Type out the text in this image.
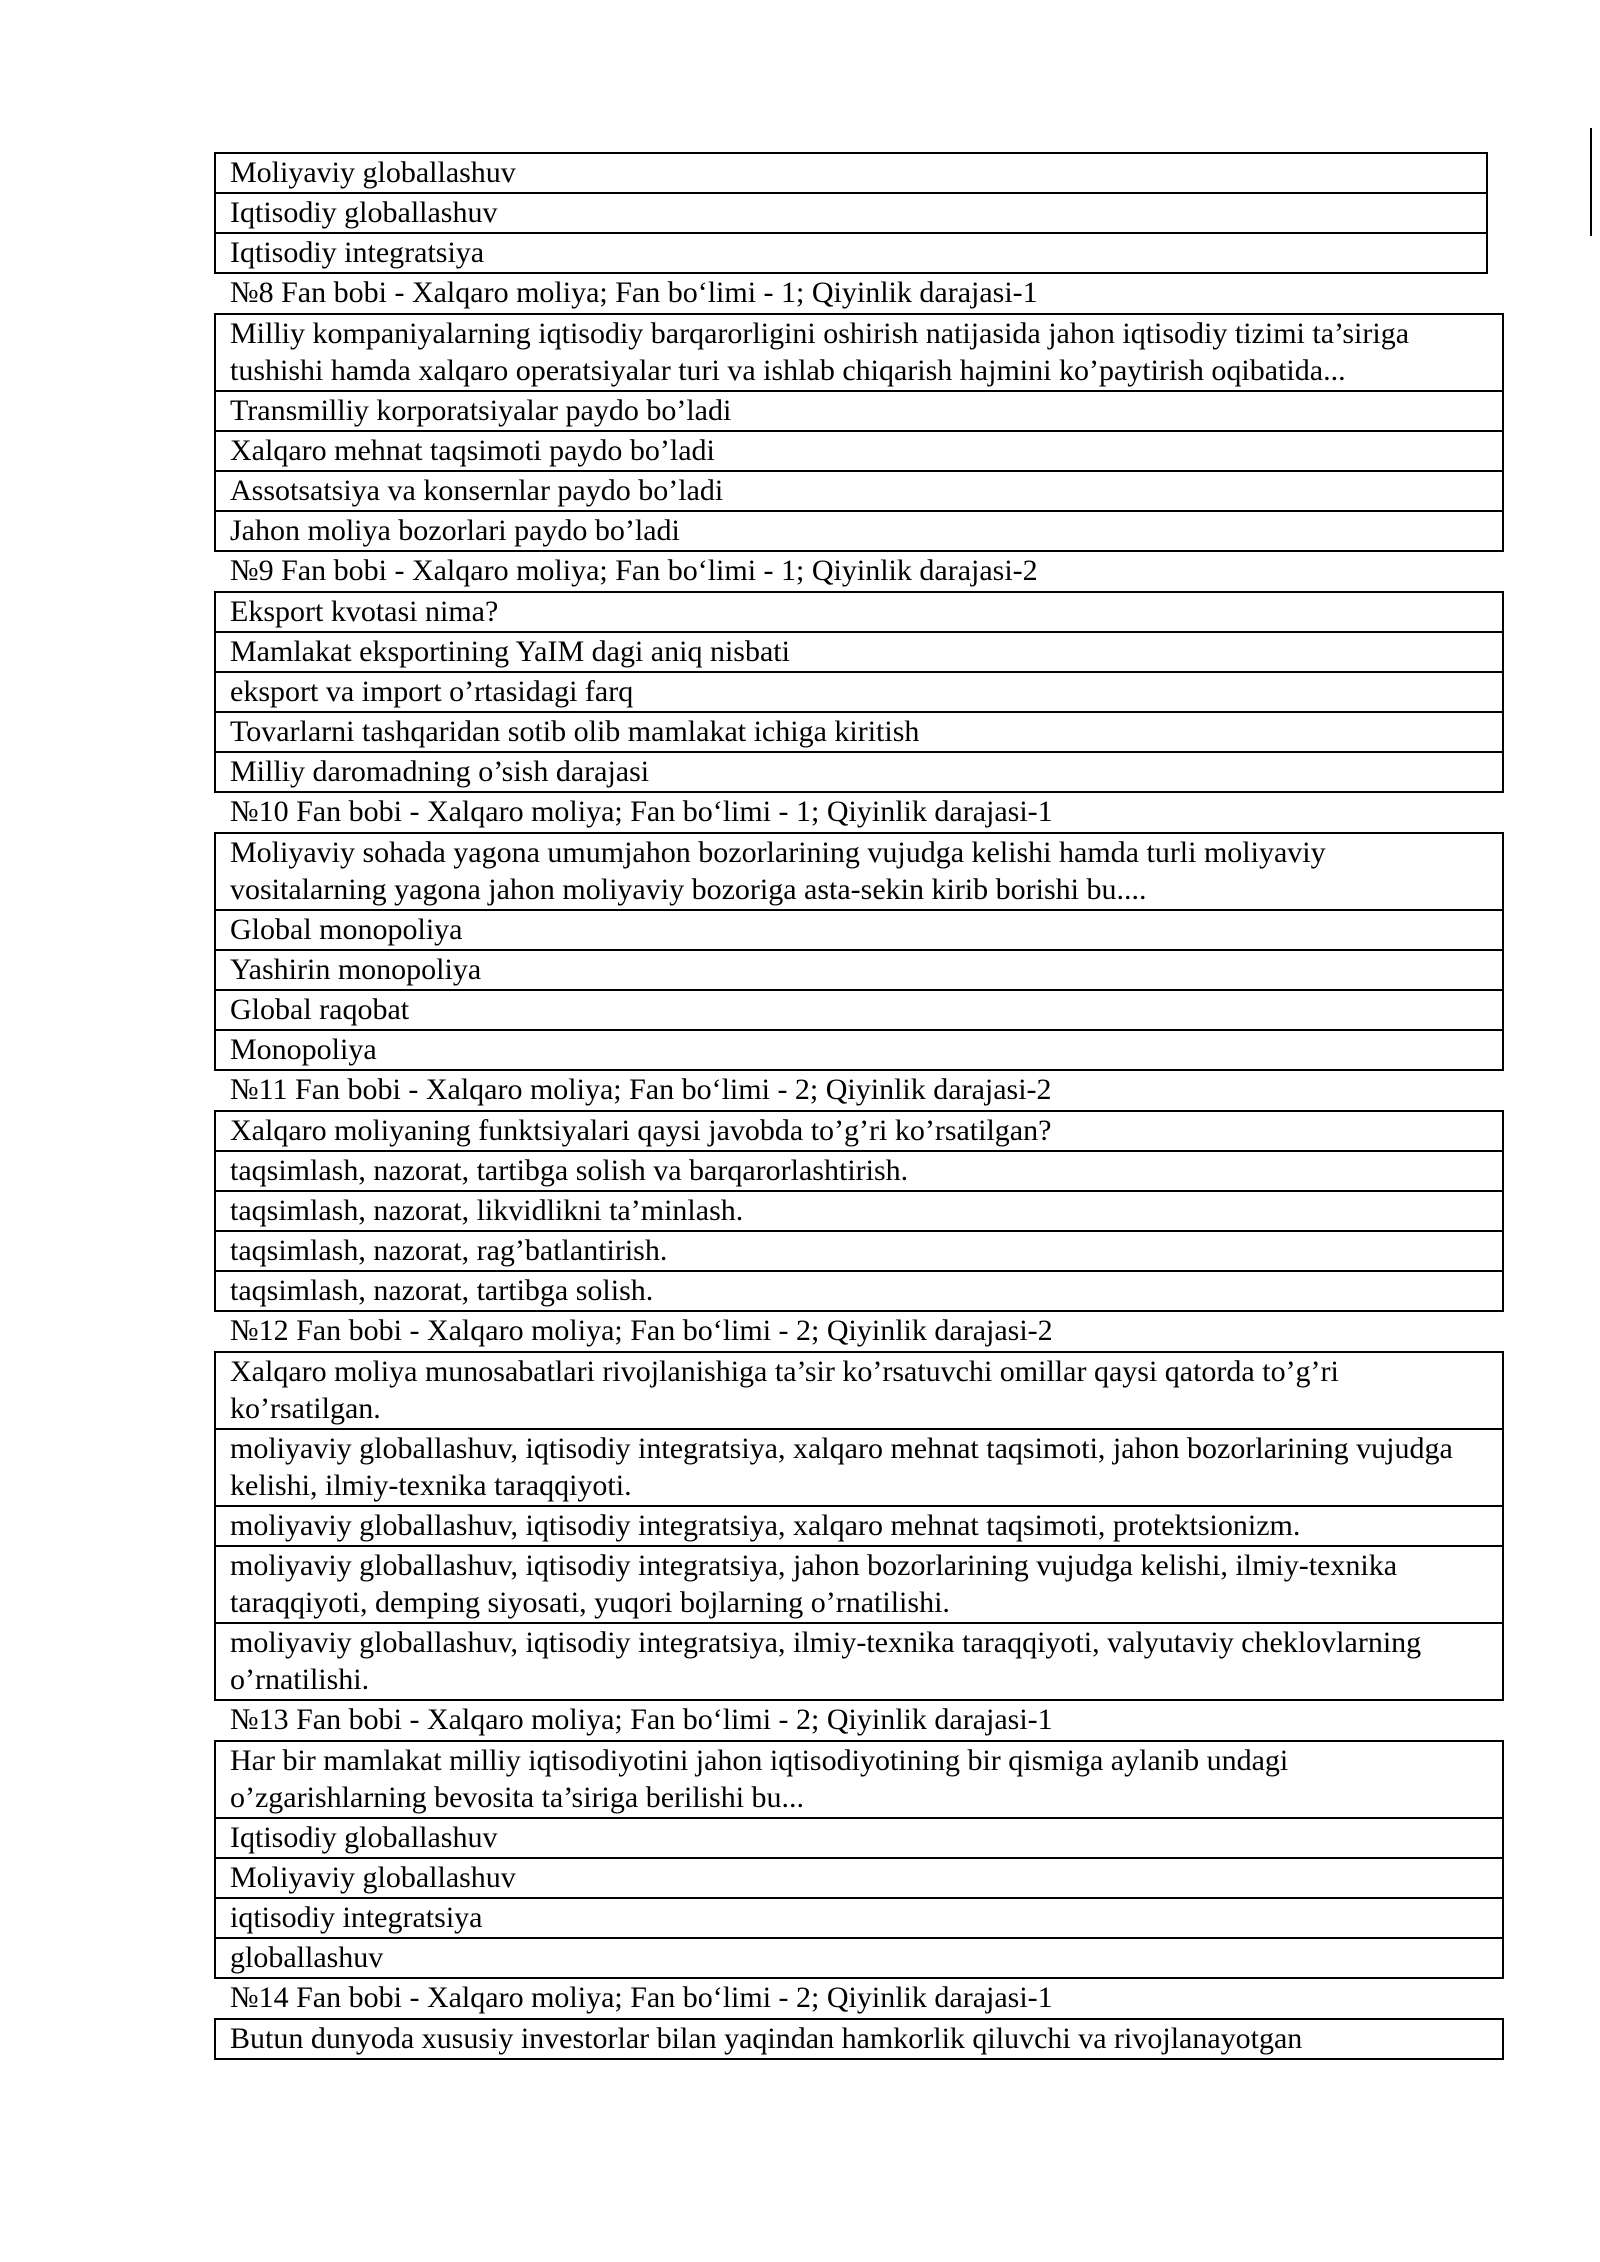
Moliyaviy globallashuv
Iqtisodiy globallashuv
Iqtisodiy integratsiya
№8 Fan bobi - Xalqaro moliya; Fan bo‘limi - 1; Qiyinlik darajasi-1
Milliy kompaniyalarning iqtisodiy barqarorligini oshirish natijasida jahon iqtisodiy tizimi ta’siriga tushishi hamda xalqaro operatsiyalar turi va ishlab chiqarish hajmini ko’paytirish oqibatida...
Transmilliy korporatsiyalar paydo bo’ladi
Xalqaro mehnat taqsimoti paydo bo’ladi
Assotsatsiya va konsernlar paydo bo’ladi
Jahon moliya bozorlari paydo bo’ladi
№9 Fan bobi - Xalqaro moliya; Fan bo‘limi - 1; Qiyinlik darajasi-2
Eksport kvotasi nima?
Mamlakat eksportining YaIM dagi aniq nisbati
eksport va import o’rtasidagi farq
Tovarlarni tashqaridan sotib olib mamlakat ichiga kiritish
Milliy daromadning o’sish darajasi
№10 Fan bobi - Xalqaro moliya; Fan bo‘limi - 1; Qiyinlik darajasi-1
Moliyaviy sohada yagona umumjahon bozorlarining vujudga kelishi hamda turli moliyaviy vositalarning yagona jahon moliyaviy bozoriga asta-sekin kirib borishi bu....
Global monopoliya
Yashirin monopoliya
Global raqobat
Monopoliya
№11 Fan bobi - Xalqaro moliya; Fan bo‘limi - 2; Qiyinlik darajasi-2
Xalqaro moliyaning funktsiyalari qaysi javobda to’g’ri ko’rsatilgan?
taqsimlash, nazorat, tartibga solish va barqarorlashtirish.
taqsimlash, nazorat, likvidlikni ta’minlash.
taqsimlash, nazorat, rag’batlantirish.
taqsimlash, nazorat, tartibga solish.
№12 Fan bobi - Xalqaro moliya; Fan bo‘limi - 2; Qiyinlik darajasi-2
Xalqaro moliya munosabatlari rivojlanishiga ta’sir ko’rsatuvchi omillar qaysi qatorda to’g’ri ko’rsatilgan.
moliyaviy globallashuv, iqtisodiy integratsiya, xalqaro mehnat taqsimoti, jahon bozorlarining vujudga kelishi, ilmiy-texnika taraqqiyoti.
moliyaviy globallashuv, iqtisodiy integratsiya, xalqaro mehnat taqsimoti, protektsionizm.
moliyaviy globallashuv, iqtisodiy integratsiya, jahon bozorlarining vujudga kelishi, ilmiy-texnika taraqqiyoti, demping siyosati, yuqori bojlarning o’rnatilishi.
moliyaviy globallashuv, iqtisodiy integratsiya, ilmiy-texnika taraqqiyoti, valyutaviy cheklovlarning o’rnatilishi.
№13 Fan bobi - Xalqaro moliya; Fan bo‘limi - 2; Qiyinlik darajasi-1
Har bir mamlakat milliy iqtisodiyotini jahon iqtisodiyotining bir qismiga aylanib undagi o’zgarishlarning bevosita ta’siriga berilishi bu...
Iqtisodiy globallashuv
Moliyaviy globallashuv
iqtisodiy integratsiya
globallashuv
№14 Fan bobi - Xalqaro moliya; Fan bo‘limi - 2; Qiyinlik darajasi-1
Butun dunyoda xususiy investorlar bilan yaqindan hamkorlik qiluvchi va rivojlanayotgan
